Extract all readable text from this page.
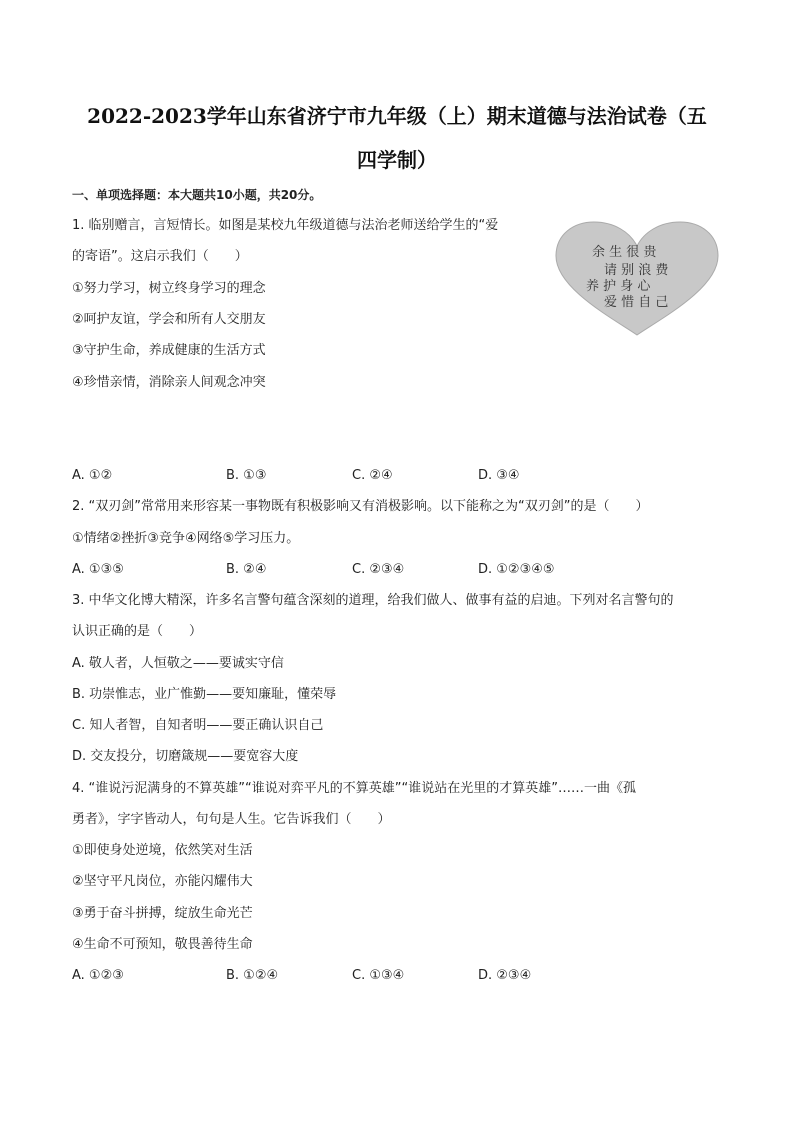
2022-2023学年山东省济宁市九年级（上）期末道德与法治试卷（五
四学制）
一、单项选择题：本大题共10小题，共20分。
1. 临别赠言，言短情长。如图是某校九年级道德与法治老师送给学生的“爱
的寄语”。这启示我们（　　）
①努力学习，树立终身学习的理念
②呵护友谊，学会和所有人交朋友
③守护生命，养成健康的生活方式
④珍惜亲情，消除亲人间观念冲突
余 生 很 贵
请 别 浪 费
养 护 身 心
爱 惜 自 己
A. ①②	B. ①③	C. ②④	D. ③④
2. “双刃剑”常常用来形容某一事物既有积极影响又有消极影响。以下能称之为“双刃剑”的是（　　）
①情绪②挫折③竞争④网络⑤学习压力。
A. ①③⑤	B. ②④	C. ②③④	D. ①②③④⑤
3. 中华文化博大精深，许多名言警句蕴含深刻的道理，给我们做人、做事有益的启迪。下列对名言警句的
认识正确的是（　　）
A. 敬人者，人恒敬之——要诚实守信
B. 功崇惟志，业广惟勤——要知廉耻，懂荣辱
C. 知人者智，自知者明——要正确认识自己
D. 交友投分，切磨箴规——要宽容大度
4. “谁说污泥满身的不算英雄”“谁说对弈平凡的不算英雄”“谁说站在光里的才算英雄”……一曲《孤
勇者》，字字皆动人，句句是人生。它告诉我们（　　）
①即使身处逆境，依然笑对生活
②坚守平凡岗位，亦能闪耀伟大
③勇于奋斗拼搏，绽放生命光芒
④生命不可预知，敬畏善待生命
A. ①②③	B. ①②④	C. ①③④	D. ②③④
